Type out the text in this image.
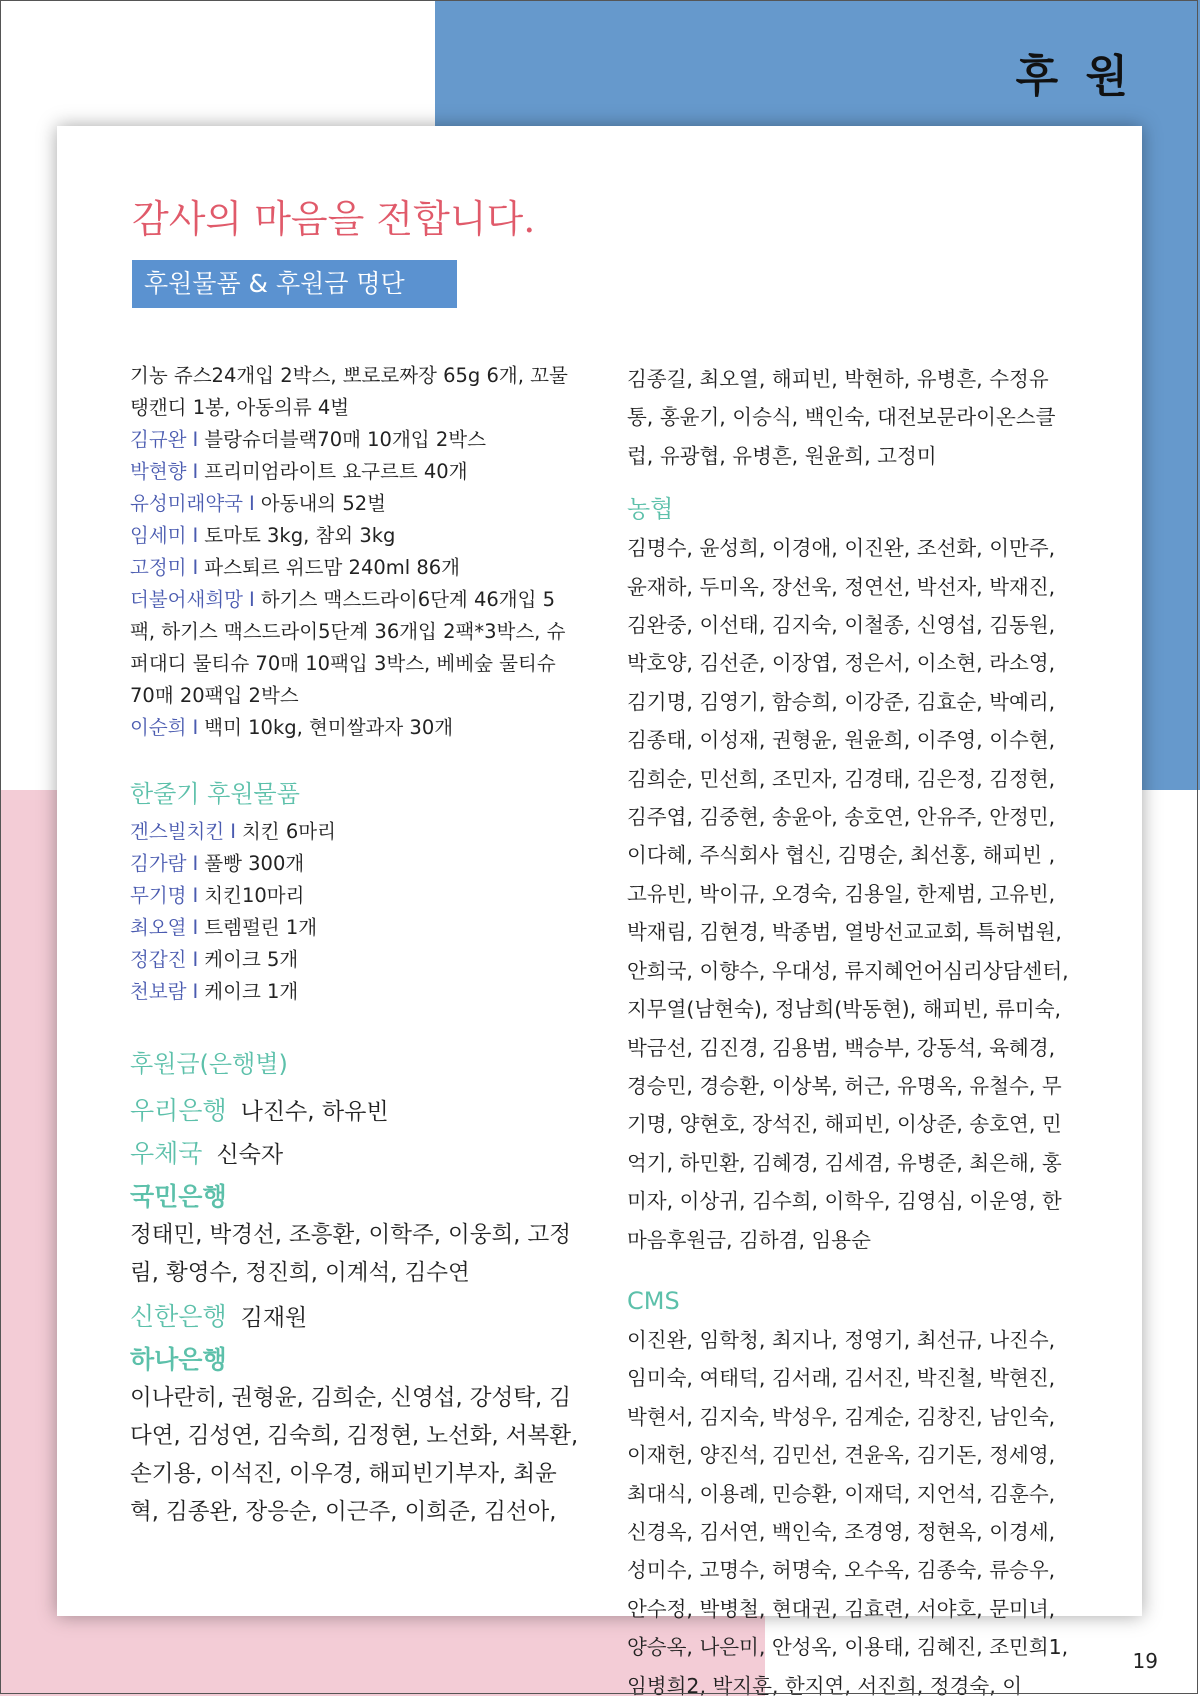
후 원
감사의 마음을 전합니다.
후원물품 & 후원금 명단

기농 쥬스24개입 2박스, 뽀로로짜장 65g 6개, 꼬물탱캔디 1봉, 아동의류 4벌

김규완 I 블랑슈더블랙70매 10개입 2박스

박현향 I 프리미엄라이트 요구르트 40개

유성미래약국 I 아동내의 52벌

임세미 I 토마토 3kg, 참외 3kg

고정미 I 파스퇴르 위드맘 240ml 86개

더불어새희망 I 하기스 맥스드라이6단계 46개입 5팩, 하기스 맥스드라이5단계 36개입 2팩*3박스, 슈퍼대디 물티슈 70매 10팩입 3박스, 베베숲 물티슈 70매 20팩입 2박스

이순희 I 백미 10kg, 현미쌀과자 30개

한줄기 후원물품

겐스빌치킨 I 치킨 6마리

김가람 I 풀빵 300개

무기명 I 치킨10마리

최오열 I 트렘펄린 1개

정갑진 I 케이크 5개

천보람 I 케이크 1개

후원금(은행별)

우리은행 나진수, 하유빈

우체국 신숙자

국민은행

정태민, 박경선, 조흥환, 이학주, 이웅희, 고정림, 황영수, 정진희, 이계석, 김수연

신한은행 김재원

하나은행

이나란히, 권형윤, 김희순, 신영섭, 강성탁, 김다연, 김성연, 김숙희, 김정현, 노선화, 서복환, 손기용, 이석진, 이우경, 해피빈기부자, 최윤혁, 김종완, 장응순, 이근주, 이희준, 김선아,

김종길, 최오열, 해피빈, 박현하, 유병흔, 수정유통, 홍윤기, 이승식, 백인숙, 대전보문라이온스클럽, 유광협, 유병흔, 원윤희, 고정미

농협

김명수, 윤성희, 이경애, 이진완, 조선화, 이만주, 윤재하, 두미옥, 장선욱, 정연선, 박선자, 박재진, 김완중, 이선태, 김지숙, 이철종, 신영섭, 김동원, 박호양, 김선준, 이장엽, 정은서, 이소현, 라소영, 김기명, 김영기, 함승희, 이강준, 김효순, 박예리, 김종태, 이성재, 권형윤, 원윤희, 이주영, 이수현, 김희순, 민선희, 조민자, 김경태, 김은정, 김정현, 김주엽, 김중현, 송윤아, 송호연, 안유주, 안정민, 이다혜, 주식회사 협신, 김명순, 최선홍, 해피빈 , 고유빈, 박이규, 오경숙, 김용일, 한제범, 고유빈, 박재림, 김현경, 박종범, 열방선교교회, 특허법원, 안희국, 이향수, 우대성, 류지혜언어심리상담센터, 지무열(남현숙), 정남희(박동현), 해피빈, 류미숙, 박금선, 김진경, 김용범, 백승부, 강동석, 육혜경, 경승민, 경승환, 이상복, 허근, 유명옥, 유철수, 무기명, 양현호, 장석진, 해피빈, 이상준, 송호연, 민억기, 하민환, 김혜경, 김세겸, 유병준, 최은해, 홍미자, 이상귀, 김수희, 이학우, 김영심, 이운영, 한마음후원금, 김하겸, 임용순

CMS

이진완, 임학청, 최지나, 정영기, 최선규, 나진수, 임미숙, 여태덕, 김서래, 김서진, 박진철, 박현진, 박현서, 김지숙, 박성우, 김계순, 김창진, 남인숙, 이재헌, 양진석, 김민선, 견윤옥, 김기돈, 정세영, 최대식, 이용례, 민승환, 이재덕, 지언석, 김훈수, 신경옥, 김서연, 백인숙, 조경영, 정현옥, 이경세, 성미수, 고명수, 허명숙, 오수옥, 김종숙, 류승우, 안수정, 박병철, 현대권, 김효련, 서야호, 문미녀, 양승옥, 나은미, 안성옥, 이용태, 김혜진, 조민희1, 임병희2, 박지훈, 한지연, 서진희, 정경숙, 이

19
